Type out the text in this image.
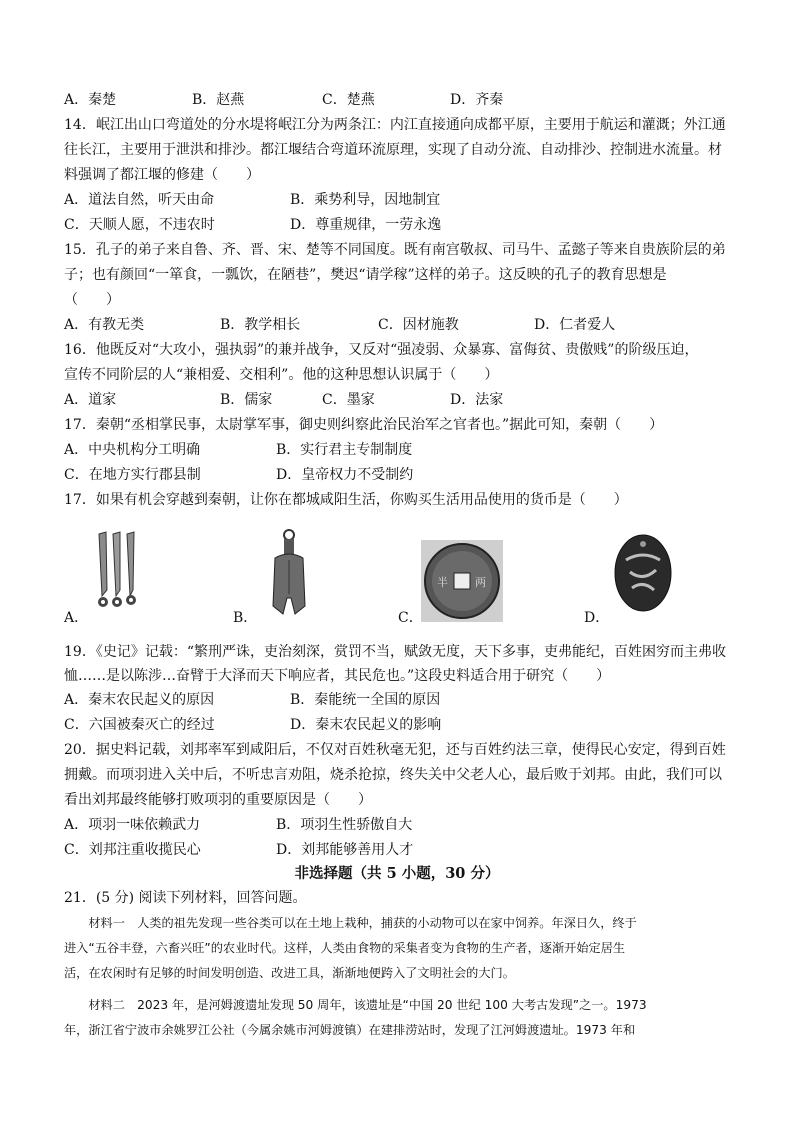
A．秦楚	B．赵燕	C．楚燕	D．齐秦
14．岷江出山口弯道处的分水堤将岷江分为两条江：内江直接通向成都平原，主要用于航运和灌溉；外江通
往长江，主要用于泄洪和排沙。都江堰结合弯道环流原理，实现了自动分流、自动排沙、控制进水流量。材
料强调了都江堰的修建（　　）
A．道法自然，听天由命	B．乘势利导，因地制宜
C．天顺人愿，不违农时	D．尊重规律，一劳永逸
15．孔子的弟子来自鲁、齐、晋、宋、楚等不同国度。既有南宫敬叔、司马牛、孟懿子等来自贵族阶层的弟
子；也有颜回“一箪食，一瓢饮，在陋巷”，樊迟“请学稼”这样的弟子。这反映的孔子的教育思想是
（　　）
A．有教无类	B．教学相长	C．因材施教	D．仁者爱人
16．他既反对“大攻小，强执弱”的兼并战争，又反对“强凌弱、众暴寡、富侮贫、贵傲贱”的阶级压迫，
宣传不同阶层的人“兼相爱、交相利”。他的这种思想认识属于（　　）
A．道家	B．儒家	C．墨家	D．法家
17．秦朝“丞相掌民事，太尉掌军事，御史则纠察此治民治军之官者也。”据此可知，秦朝（　　）
A．中央机构分工明确	B．实行君主专制制度
C．在地方实行郡县制	D．皇帝权力不受制约
17．如果有机会穿越到秦朝，让你在都城咸阳生活，你购买生活用品使用的货币是（　　）
A．	B．
半 两
C．	D．
19．《史记》记载：“繁刑严诛，吏治刻深，赏罚不当，赋敛无度，天下多事，吏弗能纪，百姓困穷而主弗收
恤……是以陈涉…奋臂于大泽而天下响应者，其民危也。”这段史料适合用于研究（　　）
A．秦末农民起义的原因	B．秦能统一全国的原因
C．六国被秦灭亡的经过	D．秦末农民起义的影响
20．据史料记载，刘邦率军到咸阳后，不仅对百姓秋毫无犯，还与百姓约法三章，使得民心安定，得到百姓
拥戴。而项羽进入关中后，不听忠言劝阻，烧杀抢掠，终失关中父老人心，最后败于刘邦。由此，我们可以
看出刘邦最终能够打败项羽的重要原因是（　　）
A．项羽一味依赖武力	B．项羽生性骄傲自大
C．刘邦注重收揽民心	D．刘邦能够善用人才
非选择题（共 5 小题，30 分）
21．(5 分) 阅读下列材料，回答问题。
　　材料一　人类的祖先发现一些谷类可以在土地上栽种，捕获的小动物可以在家中饲养。年深日久，终于
进入“五谷丰登，六畜兴旺”的农业时代。这样，人类由食物的采集者变为食物的生产者，逐渐开始定居生
活，在农闲时有足够的时间发明创造、改进工具，渐渐地便跨入了文明社会的大门。
　　材料二　2023 年，是河姆渡遗址发现 50 周年，该遗址是“中国 20 世纪 100 大考古发现”之一。1973
年，浙江省宁波市余姚罗江公社（今属余姚市河姆渡镇）在建排涝站时，发现了江河姆渡遗址。1973 年和
